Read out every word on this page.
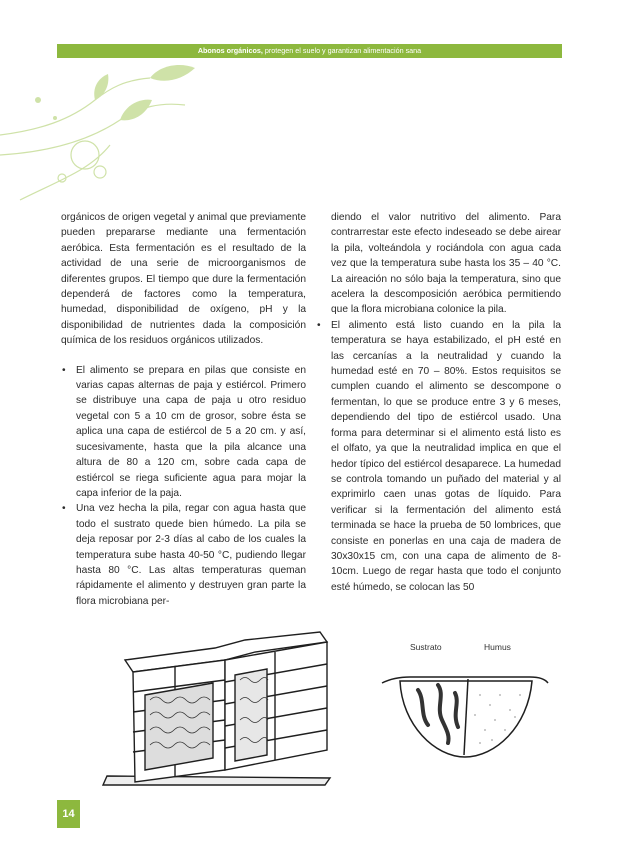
Abonos orgánicos, protegen el suelo y garantizan alimentación sana

orgánicos de origen vegetal y animal que previamente pueden prepararse mediante una fermentación aeróbica. Esta fermentación es el resultado de la actividad de una serie de microorganismos de diferentes grupos. El tiempo que dure la fermentación dependerá de factores como la temperatura, humedad, disponibilidad de oxígeno, pH y la disponibilidad de nutrientes dada la composición química de los residuos orgánicos utilizados.

• El alimento se prepara en pilas que consiste en varias capas alternas de paja y estiércol. Primero se distribuye una capa de paja u otro residuo vegetal con 5 a 10 cm de grosor, sobre ésta se aplica una capa de estiércol de 5 a 20 cm. y así, sucesivamente, hasta que la pila alcance una altura de 80 a 120 cm, sobre cada capa de estiércol se riega suficiente agua para mojar la capa inferior de la paja.
• Una vez hecha la pila, regar con agua hasta que todo el sustrato quede bien húmedo. La pila se deja reposar por 2-3 días al cabo de los cuales la temperatura sube hasta 40-50 °C, pudiendo llegar hasta 80 °C. Las altas temperaturas queman rápidamente el alimento y destruyen gran parte la flora microbiana per-

diendo el valor nutritivo del alimento. Para contrarrestar este efecto indeseado se debe airear la pila, volteándola y rociándola con agua cada vez que la temperatura sube hasta los 35 – 40 °C. La aireación no sólo baja la temperatura, sino que acelera la descomposición aeróbica permitiendo que la flora microbiana colonice la pila.

• El alimento está listo cuando en la pila la temperatura se haya estabilizado, el pH esté en las cercanías a la neutralidad y cuando la humedad esté en 70 – 80%. Estos requisitos se cumplen cuando el alimento se descompone o fermentan, lo que se produce entre 3 y 6 meses, dependiendo del tipo de estiércol usado. Una forma para determinar si el alimento está listo es el olfato, ya que la neutralidad implica en que el hedor típico del estiércol desaparece. La humedad se controla tomando un puñado del material y al exprimirlo caen unas gotas de líquido. Para verificar si la fermentación del alimento está terminada se hace la prueba de 50 lombrices, que consiste en ponerlas en una caja de madera de 30x30x15 cm, con una capa de alimento de 8-10cm. Luego de regar hasta que todo el conjunto esté húmedo, se colocan las 50
Sustrato	Humus
14
